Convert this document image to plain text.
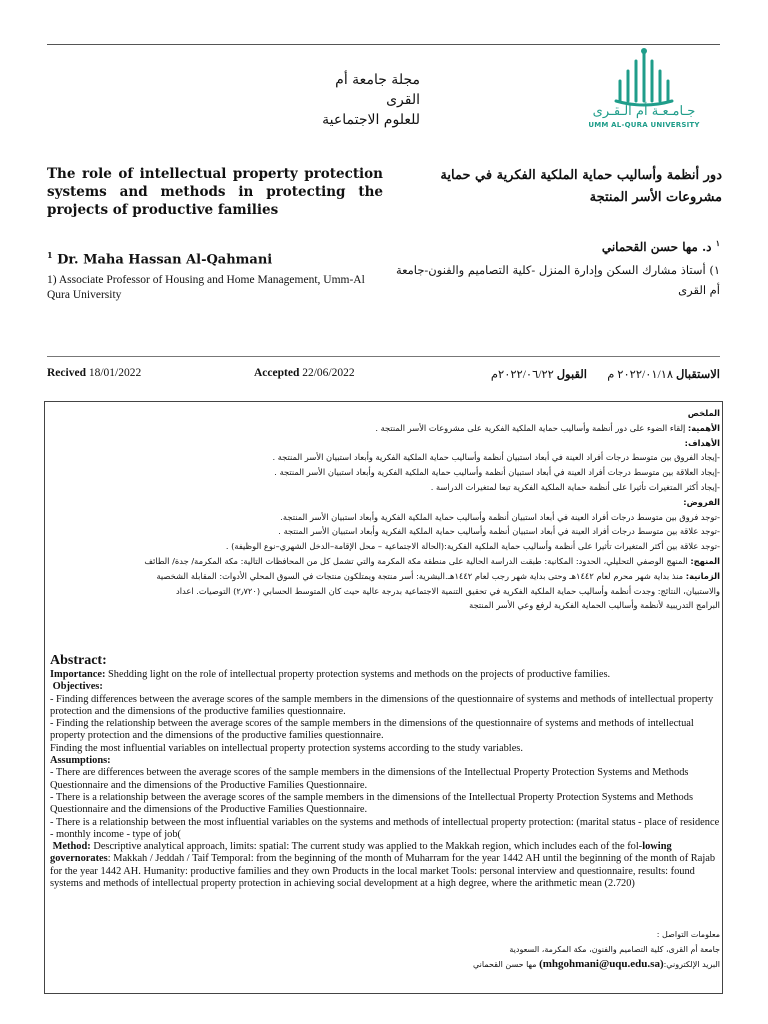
مجلة جامعة أم القرى
للعلوم الاجتماعية
جـامـعـة أم الـقـرى
UMM AL-QURA UNIVERSITY
The role of intellectual property protection systems and methods in protecting the projects of productive families
دور أنظمة وأساليب حماية الملكية الفكرية في حماية مشروعات الأسر المنتجة
$^1$ Dr. Maha Hassan Al-Qahmani
1) Associate Professor of Housing and Home Management, Umm-Al Qura University
$^١$ د. مها حسن القحماني
١) أستاذ مشارك السكن وإدارة المنزل -كلية التصاميم والفنون-جامعة أم القرى
Recived 18/01/2022	Accepted 22/06/2022	القبول ٢٠٢٢/٠٦/٢٢م	الاستقبال ٢٠٢٢/٠١/١٨ م

الملخص

الأهمية: إلقاء الضوء على دور أنظمة وأساليب حماية الملكية الفكرية على مشروعات الأسر المنتجة .

الأهداف:

-إيجاد الفروق بين متوسط درجات أفراد العينة في أبعاد استبيان أنظمة وأساليب حماية الملكية الفكرية وأبعاد استبيان الأسر المنتجة .

-إيجاد العلاقة بين متوسط درجات أفراد العينة في أبعاد استبيان أنظمة وأساليب حماية الملكية الفكرية وأبعاد استبيان الأسر المنتجة .

-إيجاد أكثر المتغيرات تأثيرا على أنظمة حماية الملكية الفكرية تبعا لمتغيرات الدراسة .

الفروض:

-توجد فروق بين متوسط درجات أفراد العينة في أبعاد استبيان أنظمة وأساليب حماية الملكية الفكرية وأبعاد استبيان الأسر المنتجة.

-توجد علاقة بين متوسط درجات أفراد العينة في أبعاد استبيان أنظمة وأساليب حماية الملكية الفكرية وأبعاد استبيان الأسر المنتجة .

-توجد علاقة بين أكثر المتغيرات تأثيرا على أنظمة وأساليب حماية الملكية الفكرية:(الحالة الاجتماعية – محل الإقامة–الدخل الشهري–نوع الوظيفة) .

المنهج: المنهج الوصفي التحليلي، الحدود: المكانية: طبقت الدراسة الحالية على منطقة مكة المكرمة والتي تشمل كل من المحافظات التالية: مكة المكرمة/ جدة/ الطائف

الزمانية: منذ بداية شهر محرم لعام ١٤٤٢هـ وحتى بداية شهر رجب لعام ١٤٤٢هـ.البشرية: أسر منتجة ويمتلكون منتجات في السوق المحلي الأدوات: المقابلة الشخصية

والاستبيان، النتائج: وجدت أنظمة وأساليب حماية الملكية الفكرية في تحقيق التنمية الاجتماعية بدرجة عالية حيث كان المتوسط الحسابي (٢٫٧٢٠) التوصيات. اعداد

البرامج التدريبية لأنظمة وأساليب الحماية الفكرية لرفع وعي الأسر المنتجة

Abstract:

Importance: Shedding light on the role of intellectual property protection systems and methods on the projects of productive families.

Objectives:

- Finding differences between the average scores of the sample members in the dimensions of the questionnaire of systems and methods of intellectual property protection and the dimensions of the productive families questionnaire.

- Finding the relationship between the average scores of the sample members in the dimensions of the questionnaire of systems and methods of intellectual property protection and the dimensions of the productive families questionnaire.

Finding the most influential variables on intellectual property protection systems according to the study variables.

Assumptions:

- There are differences between the average scores of the sample members in the dimensions of the Intellectual Property Protection Systems and Methods Questionnaire and the dimensions of the Productive Families Questionnaire.

- There is a relationship between the average scores of the sample members in the dimensions of the Intellectual Property Protection Systems and Methods Questionnaire and the dimensions of the Productive Families Questionnaire.

- There is a relationship between the most influential variables on the systems and methods of intellectual property protection: (marital status - place of residence - monthly income - type of job(

Method: Descriptive analytical approach, limits: spatial: The current study was applied to the Makkah region, which includes each of the fol-lowing governorates: Makkah / Jeddah / Taif Temporal: from the beginning of the month of Muharram for the year 1442 AH until the beginning of the month of Rajab for the year 1442 AH. Humanity: productive families and they own Products in the local market Tools: personal interview and questionnaire, results: found systems and methods of intellectual property protection in achieving social development at a high degree, where the arithmetic mean (2.720)

معلومات التواصل :

جامعة أم القرى، كلية التصاميم والفنون، مكة المكرمة، السعودية

البريد الإلكتروني:(mhgohmani@uqu.edu.sa) مها حسن القحماني
